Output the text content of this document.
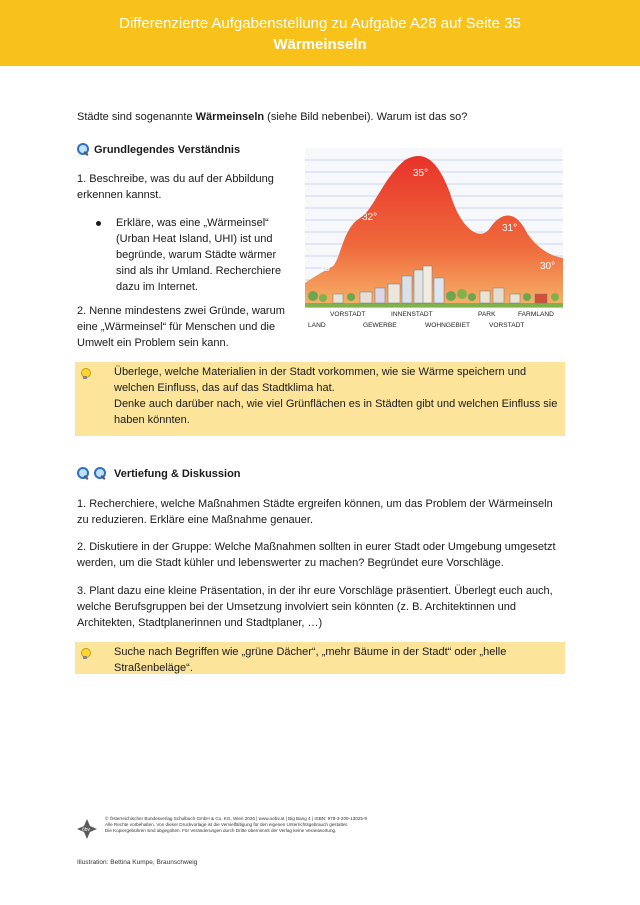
Differenzierte Aufgabenstellung zu Aufgabe A28 auf Seite 35
Wärmeinseln
Städte sind sogenannte Wärmeinseln (siehe Bild nebenbei). Warum ist das so?
Grundlegendes Verständnis
1. Beschreibe, was du auf der Abbildung erkennen kannst.
Erkläre, was eine „Wärmeinsel“ (Urban Heat Island, UHI) ist und begründe, warum Städte wärmer sind als ihr Umland. Recherchiere dazu im Internet.
2. Nenne mindestens zwei Gründe, warum eine „Wärmeinsel“ für Menschen und die Umwelt ein Problem sein kann.
29°
32°
35°
31°
30°
VORSTADT	INNENSTADT	PARK	FARMLAND
LAND	GEWERBE	WOHNGEBIET	VORSTADT
Überlege, welche Materialien in der Stadt vorkommen, wie sie Wärme speichern und welchen Einfluss, das auf das Stadtklima hat.
Denke auch darüber nach, wie viel Grünflächen es in Städten gibt und welchen Einfluss sie haben könnten.
Vertiefung & Diskussion
1. Recherchiere, welche Maßnahmen Städte ergreifen können, um das Problem der Wärmeinseln zu reduzieren. Erkläre eine Maßnahme genauer.
2. Diskutiere in der Gruppe: Welche Maßnahmen sollten in eurer Stadt oder Umgebung umgesetzt werden, um die Stadt kühler und lebenswerter zu machen? Begründet eure Vorschläge.
3. Plant dazu eine kleine Präsentation, in der ihr eure Vorschläge präsentiert. Überlegt euch auch, welche Berufsgruppen bei der Umsetzung involviert sein könnten (z. B. Architektinnen und Architekten, Stadtplanerinnen und Stadtplaner, …)
Suche nach Begriffen wie „grüne Dächer“, „mehr Bäume in der Stadt“ oder „helle Straßenbeläge“.
öbv
© Österreichischer Bundesverlag Schulbuch GmbH & Co. KG, Wien 2026 | www.oebv.at | Big Bang 4 | ISBN: 978-3-209-13025-9
Alle Rechte vorbehalten. Von dieser Druckvorlage ist die Vervielfältigung für den eigenen Unterrichtsgebrauch gestattet.
Die Kopiergebühren sind abgegolten. Für Veränderungen durch Dritte übernimmt der Verlag keine Verantwortung.
Illustration: Bettina Kumpe, Braunschweig
